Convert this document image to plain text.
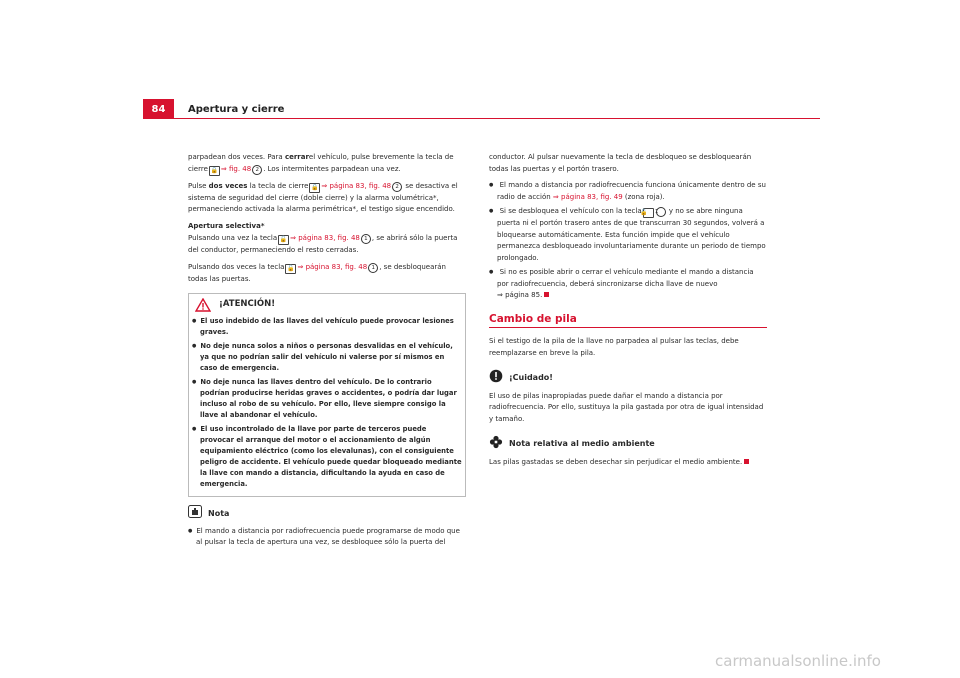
84	Apertura y cierre

parpadean dos veces. Para cerrarel vehículo, pulse brevemente la tecla de cierre 🔒 ⇒ fig. 48 2 . Los intermitentes parpadean una vez.

Pulse dos veces la tecla de cierre 🔒 ⇒ página 83, fig. 48 2 se desactiva el sistema de seguridad del cierre (doble cierre) y la alarma volumétrica*, permaneciendo activada la alarma perimétrica*, el testigo sigue encendido.

Apertura selectiva*

Pulsando una vez la tecla 🔓 ⇒ página 83, fig. 48 1 , se abrirá sólo la puerta del conductor, permaneciendo el resto cerradas.

Pulsando dos veces la tecla 🔓 ⇒ página 83, fig. 48 1 , se desbloquearán todas las puertas.

¡ATENCIÓN!
● El uso indebido de las llaves del vehículo puede provocar lesiones graves.
● No deje nunca solos a niños o personas desvalidas en el vehículo, ya que no podrían salir del vehículo ni valerse por sí mismos en caso de emergencia.
● No deje nunca las llaves dentro del vehículo. De lo contrario podrían producirse heridas graves o accidentes, o podría dar lugar incluso al robo de su vehículo. Por ello, lleve siempre consigo la llave al abandonar el vehículo.
● El uso incontrolado de la llave por parte de terceros puede provocar el arranque del motor o el accionamiento de algún equipamiento eléctrico (como los elevalunas), con el consiguiente peligro de accidente. El vehículo puede quedar bloqueado mediante la llave con mando a distancia, dificultando la ayuda en caso de emergencia.
Nota
● El mando a distancia por radiofrecuencia puede programarse de modo que al pulsar la tecla de apertura una vez, se desbloquee sólo la puerta del

conductor. Al pulsar nuevamente la tecla de desbloqueo se desbloquearán todas las puertas y el portón trasero.

● El mando a distancia por radiofrecuencia funciona únicamente dentro de su radio de acción ⇒ página 83, fig. 49 (zona roja).
● Si se desbloquea el vehículo con la tecla🔓 1 y no se abre ninguna puerta ni el portón trasero antes de que transcurran 30 segundos, volverá a bloquearse automáticamente. Esta función impide que el vehículo permanezca desbloqueado involuntariamente durante un periodo de tiempo prolongado.
● Si no es posible abrir o cerrar el vehículo mediante el mando a distancia por radiofrecuencia, deberá sincronizarse dicha llave de nuevo
⇒ página 85.
Cambio de pila

Si el testigo de la pila de la llave no parpadea al pulsar las teclas, debe reemplazarse en breve la pila.

¡Cuidado!

El uso de pilas inapropiadas puede dañar el mando a distancia por radiofrecuencia. Por ello, sustituya la pila gastada por otra de igual intensidad y tamaño.

Nota relativa al medio ambiente

Las pilas gastadas se deben desechar sin perjudicar el medio ambiente.

carmanualsonline.info
